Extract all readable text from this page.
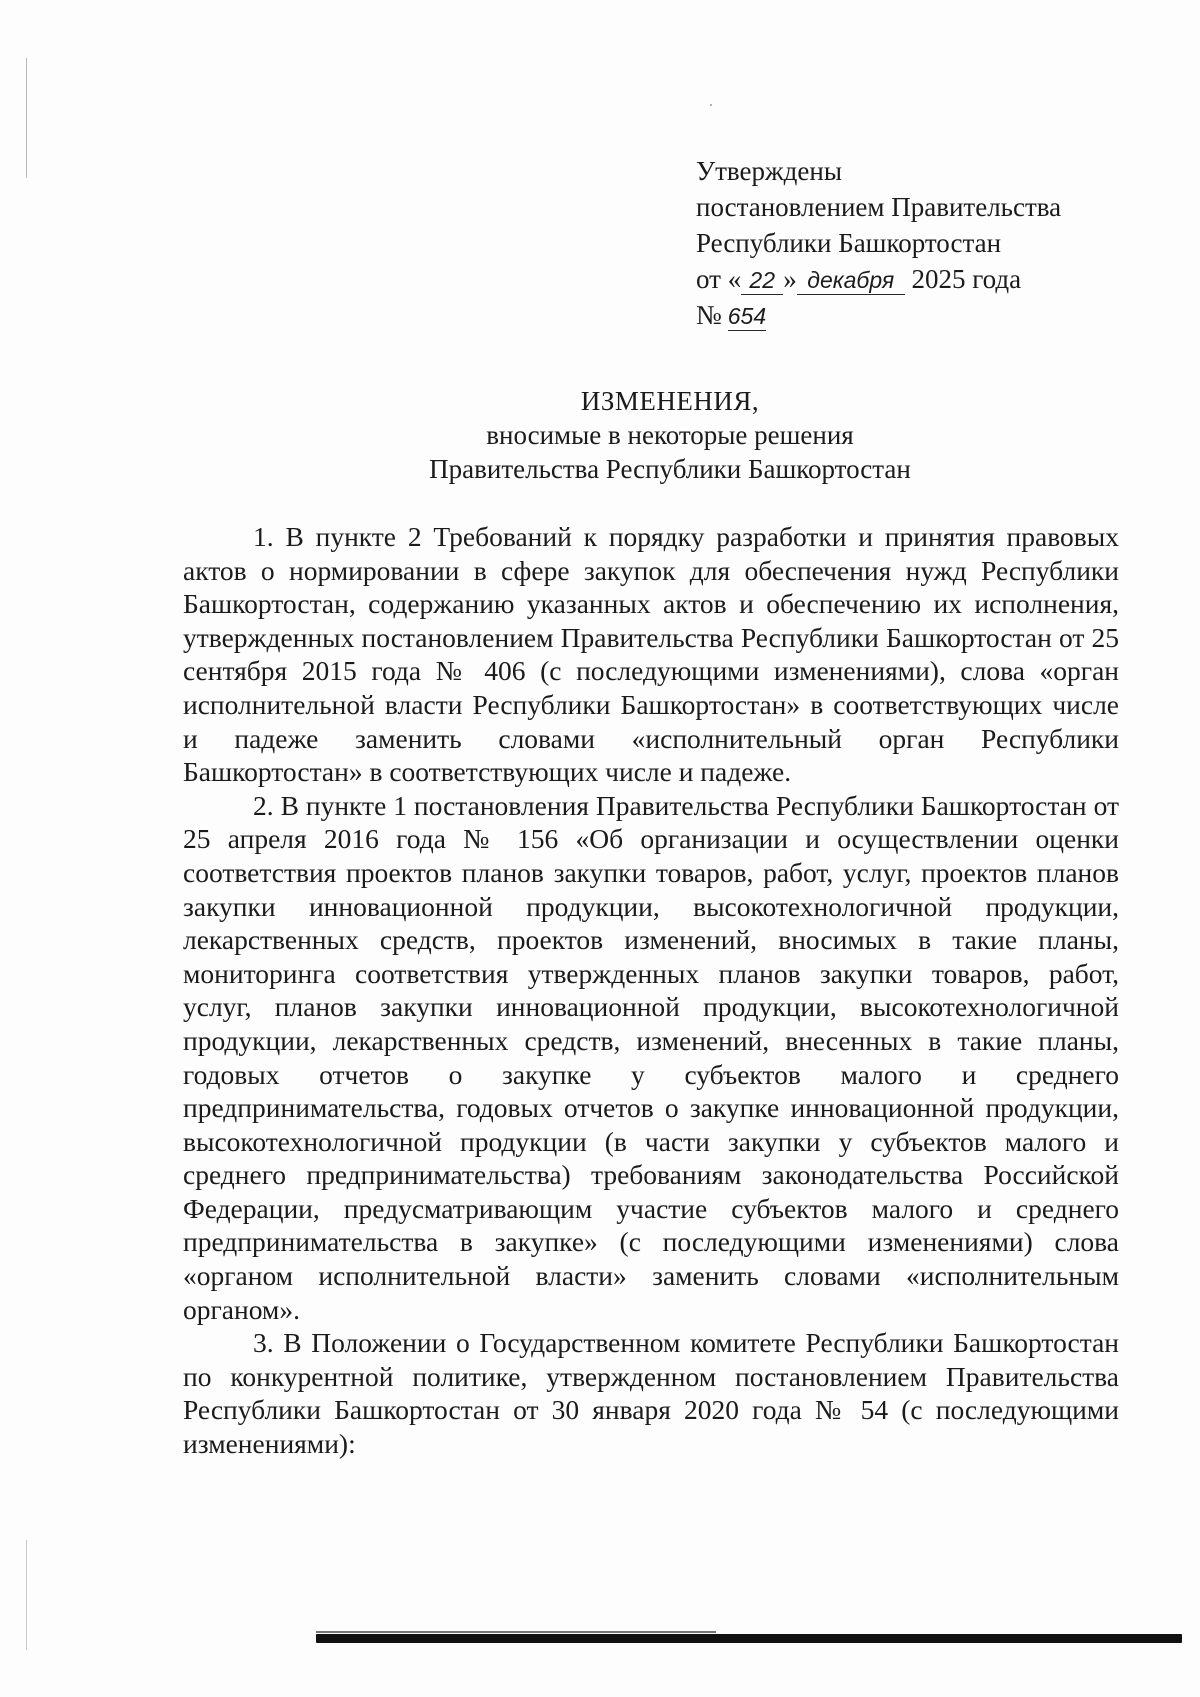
Утверждены
постановлением Правительства
Республики Башкортостан
от « 22 » декабря 2025 года
№ 654
ИЗМЕНЕНИЯ,
вносимые в некоторые решения
Правительства Республики Башкортостан

1. В пункте 2 Требований к порядку разработки и принятия правовых актов о нормировании в сфере закупок для обеспечения нужд Республики Башкортостан, содержанию указанных актов и обеспечению их исполнения, утвержденных постановлением Правительства Республики Башкортостан от 25 сентября 2015 года № 406 (с последующими изменениями), слова «орган исполнительной власти Республики Башкортостан» в соответствующих числе и падеже заменить словами «исполнительный орган Республики Башкортостан» в соответствующих числе и падеже.

2. В пункте 1 постановления Правительства Республики Башкортостан от 25 апреля 2016 года № 156 «Об организации и осуществлении оценки соответствия проектов планов закупки товаров, работ, услуг, проектов планов закупки инновационной продукции, высокотехнологичной продукции, лекарственных средств, проектов изменений, вносимых в такие планы, мониторинга соответствия утвержденных планов закупки товаров, работ, услуг, планов закупки инновационной продукции, высокотехнологичной продукции, лекарственных средств, изменений, внесенных в такие планы, годовых отчетов о закупке у субъектов малого и среднего предпринимательства, годовых отчетов о закупке инновационной продукции, высокотехнологичной продукции (в части закупки у субъектов малого и среднего предпринимательства) требованиям законодательства Российской Федерации, предусматривающим участие субъектов малого и среднего предпринимательства в закупке» (с последующими изменениями) слова «органом исполнительной власти» заменить словами «исполнительным органом».

3. В Положении о Государственном комитете Республики Башкортостан по конкурентной политике, утвержденном постановлением Правительства Республики Башкортостан от 30 января 2020 года № 54 (с последующими изменениями):
